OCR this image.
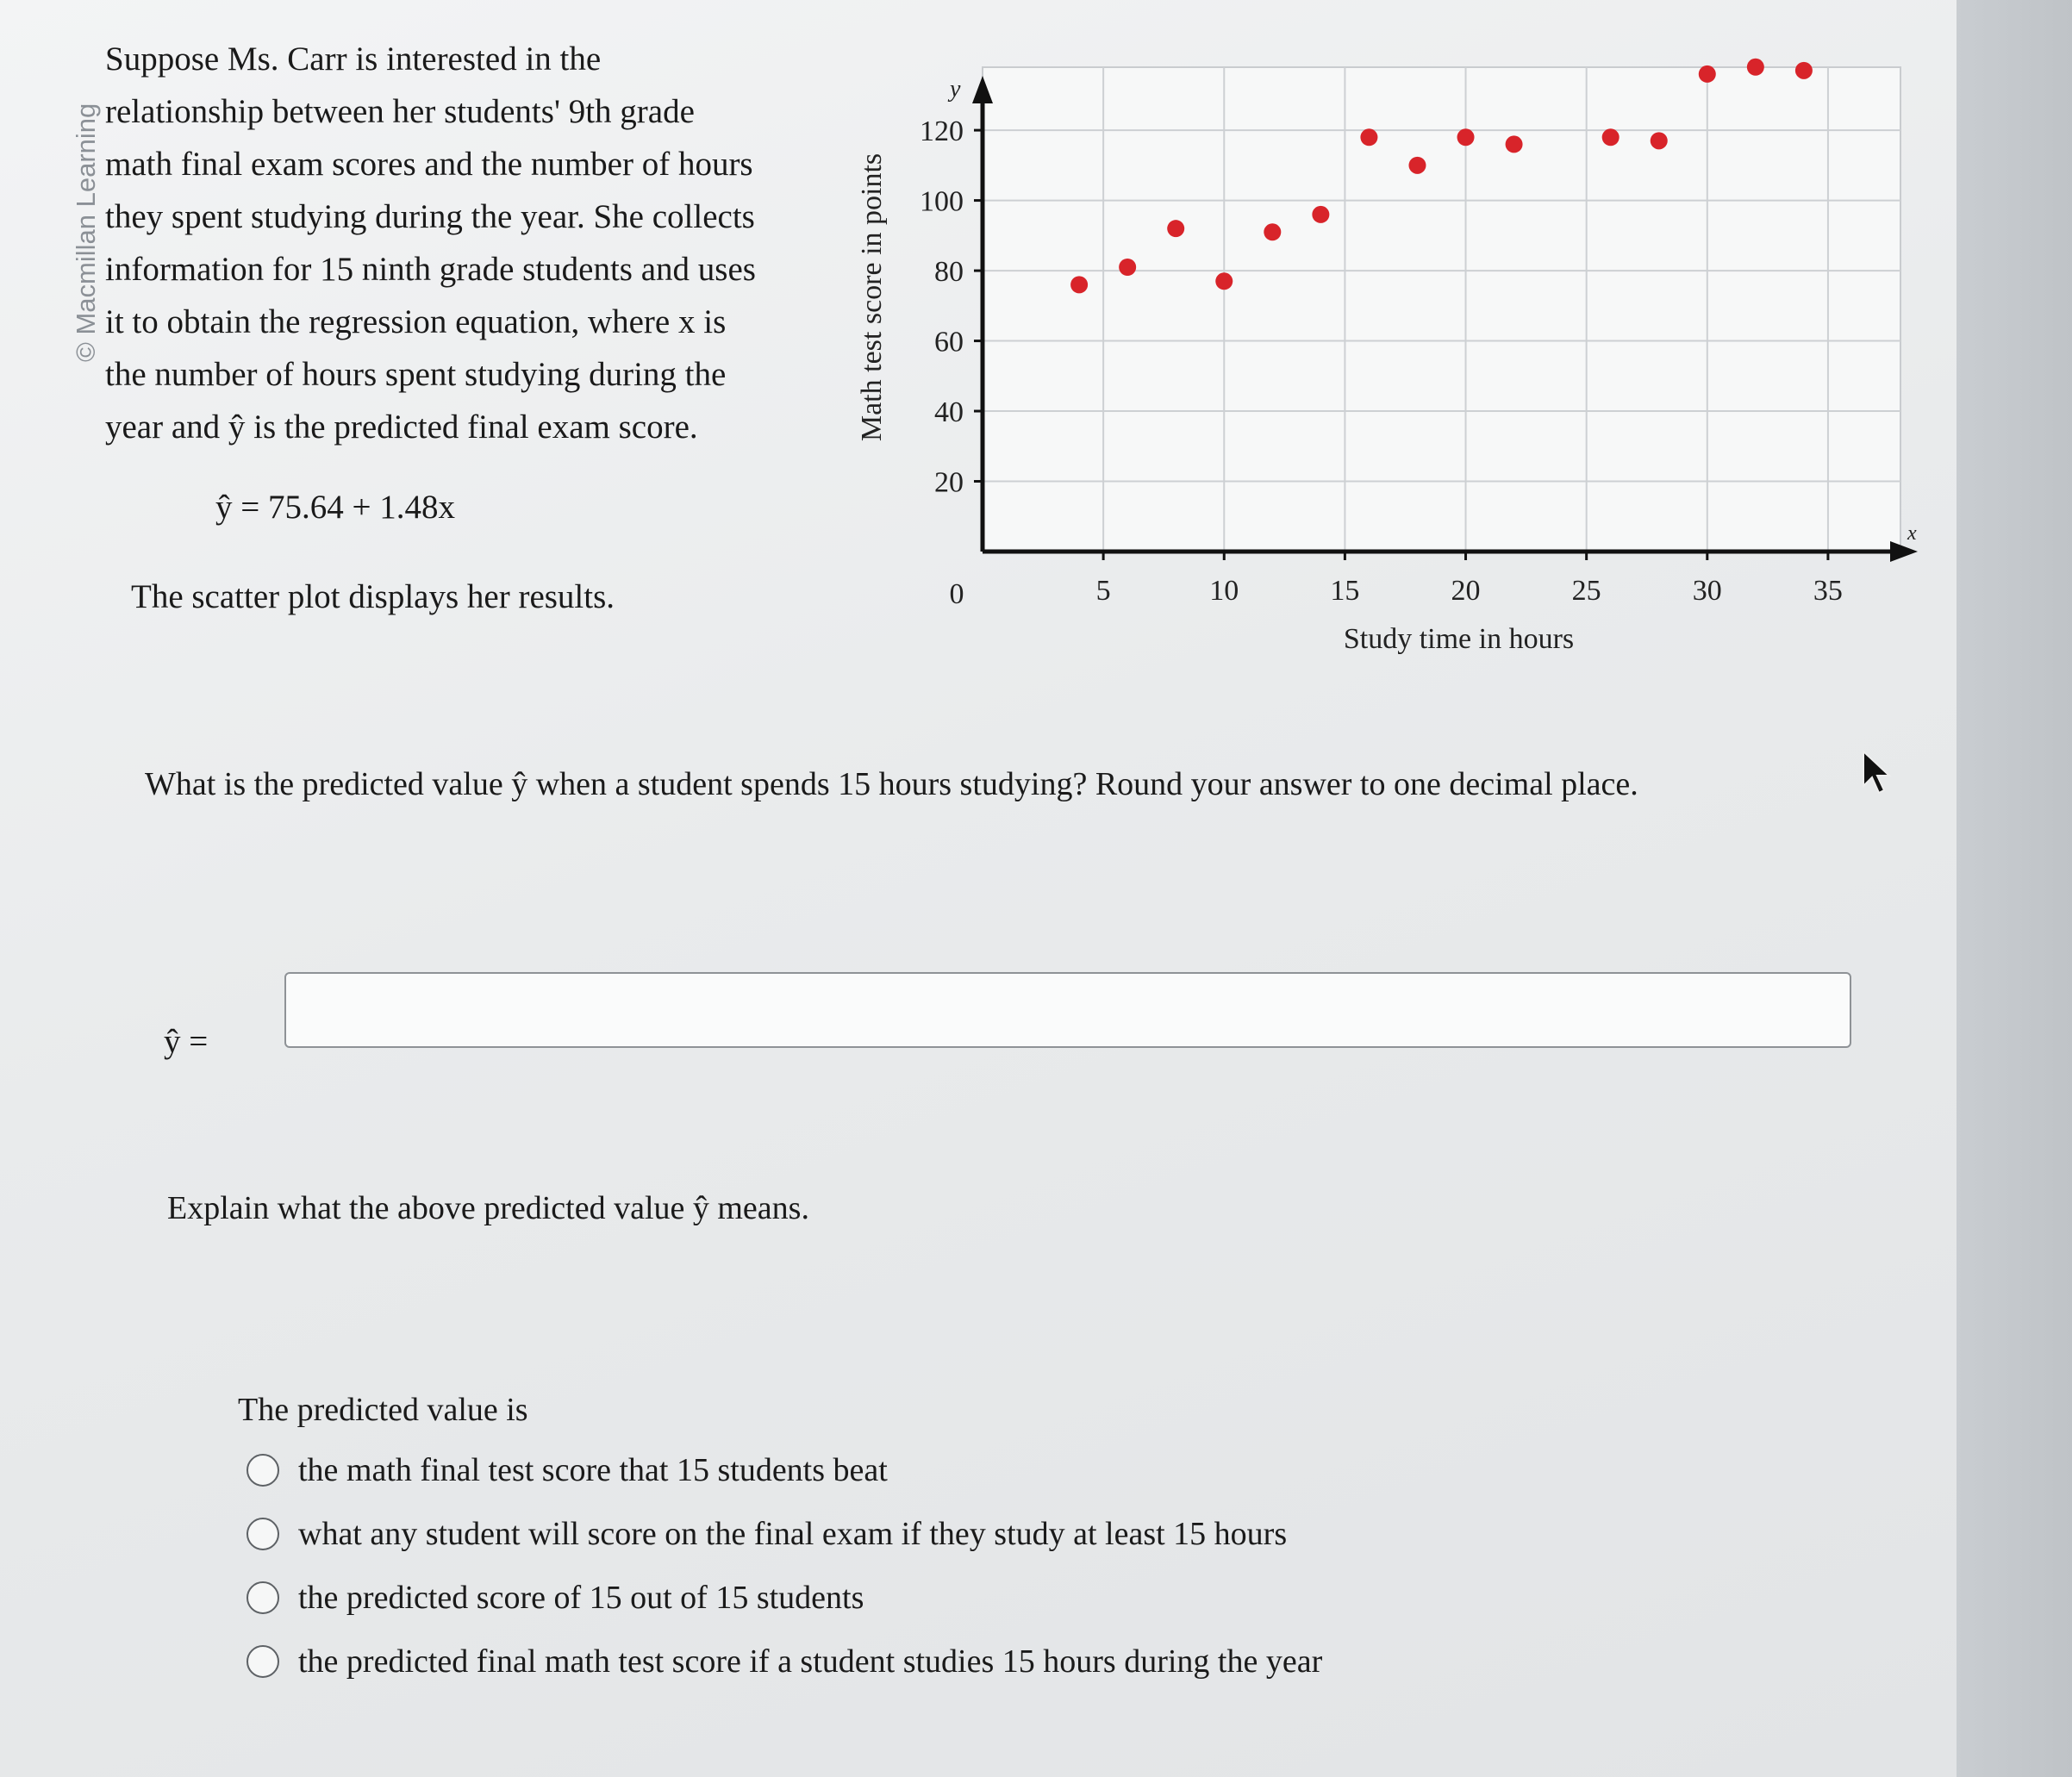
© Macmillan Learning

Suppose Ms. Carr is interested in the

relationship between her students' 9th grade

math final exam scores and the number of hours

they spent studying during the year. She collects

information for 15 ninth grade students and uses

it to obtain the regression equation, where x is

the number of hours spent studying during the

year and ŷ is the predicted final exam score.

ŷ = 75.64 + 1.48x
The scatter plot displays her results.
x
y
5	10	15	20	25	30	35
20
40
60
80
100
120
0
Study time in hours
Math test score in points
What is the predicted value ŷ when a student spends 15 hours studying? Round your answer to one decimal place.
ŷ =
Explain what the above predicted value ŷ means.
The predicted value is
the math final test score that 15 students beat
what any student will score on the final exam if they study at least 15 hours
the predicted score of 15 out of 15 students
the predicted final math test score if a student studies 15 hours during the year
